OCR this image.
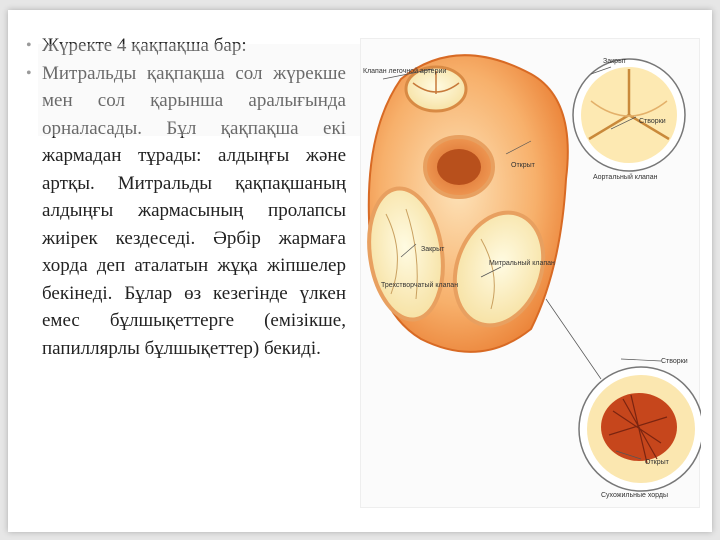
• Жүректе 4 қақпақша бар:
• Митральды қақпақша сол жүрекше мен сол қарынша аралығында орналасады. Бұл қақпақша екі жармадан тұрады: алдыңғы және артқы. Митральды қақпақшаның алдыңғы жармасының пролапсы жиірек кездеседі. Әрбір жармаға хорда деп аталатын жұқа жіпшелер бекінеді. Бұлар өз кезегінде үлкен емес бұлшықеттерге (емізікше, папиллярлы бұлшықеттер) бекиді.
Клапан легочной артерии
Закрыт
Створки
Открыт
Аортальный клапан
Закрыт
Трехстворчатый клапан
Митральный клапан
Створки
Открыт
Сухожильные хорды
